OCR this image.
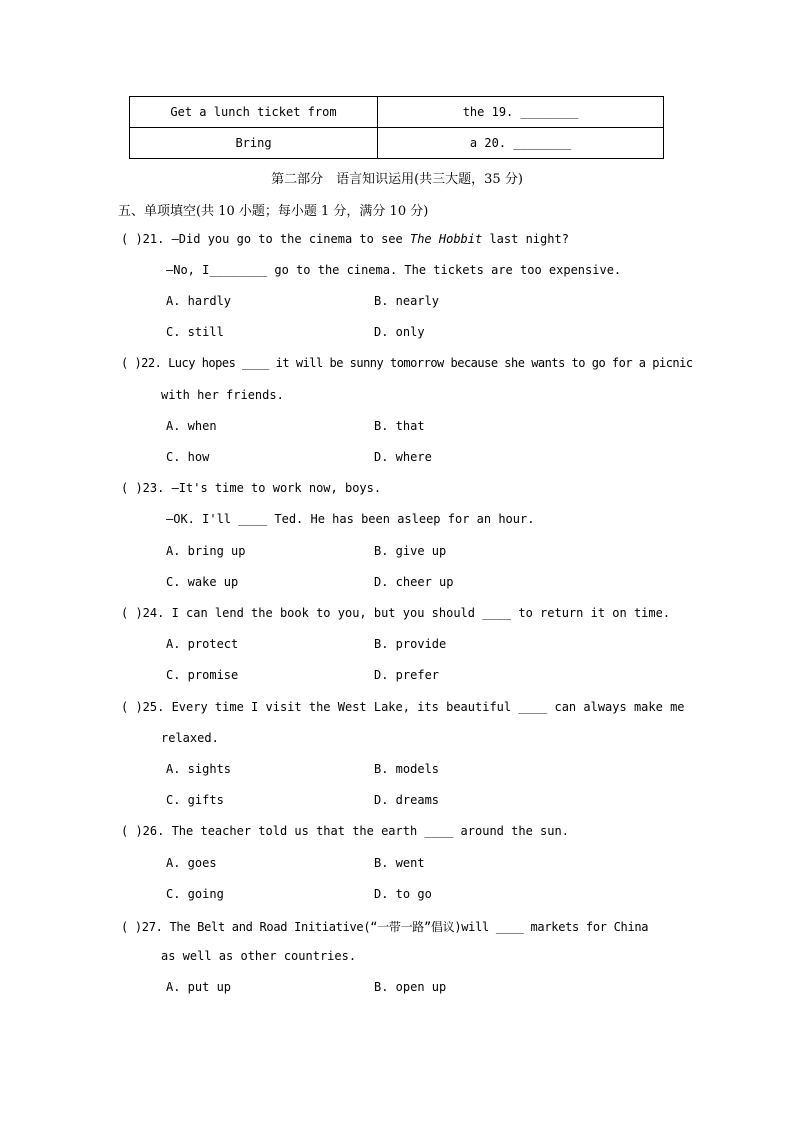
Get a lunch ticket from	the 19. ________
Bring	a 20. ________
第二部分　语言知识运用(共三大题，35 分)
五、单项填空(共 10 小题；每小题 1 分，满分 10 分)
( )21. —Did you go to the cinema to see The Hobbit last night?
—No, I________ go to the cinema. The tickets are too expensive.
A. hardly	B. nearly
C. still	D. only
( )22. Lucy hopes ____ it will be sunny tomorrow because she wants to go for a picnic
with her friends.
A. when	B. that
C. how	D. where
( )23. —It's time to work now, boys.
—OK. I'll ____ Ted. He has been asleep for an hour.
A. bring up	B. give up
C. wake up	D. cheer up
( )24. I can lend the book to you, but you should ____ to return it on time.
A. protect	B. provide
C. promise	D. prefer
( )25. Every time I visit the West Lake, its beautiful ____ can always make me
relaxed.
A. sights	B. models
C. gifts	D. dreams
( )26. The teacher told us that the earth ____ around the sun.
A. goes	B. went
C. going	D. to go
( )27. The Belt and Road Initiative(“一带一路”倡议)will ____ markets for China
as well as other countries.
A. put up	B. open up
